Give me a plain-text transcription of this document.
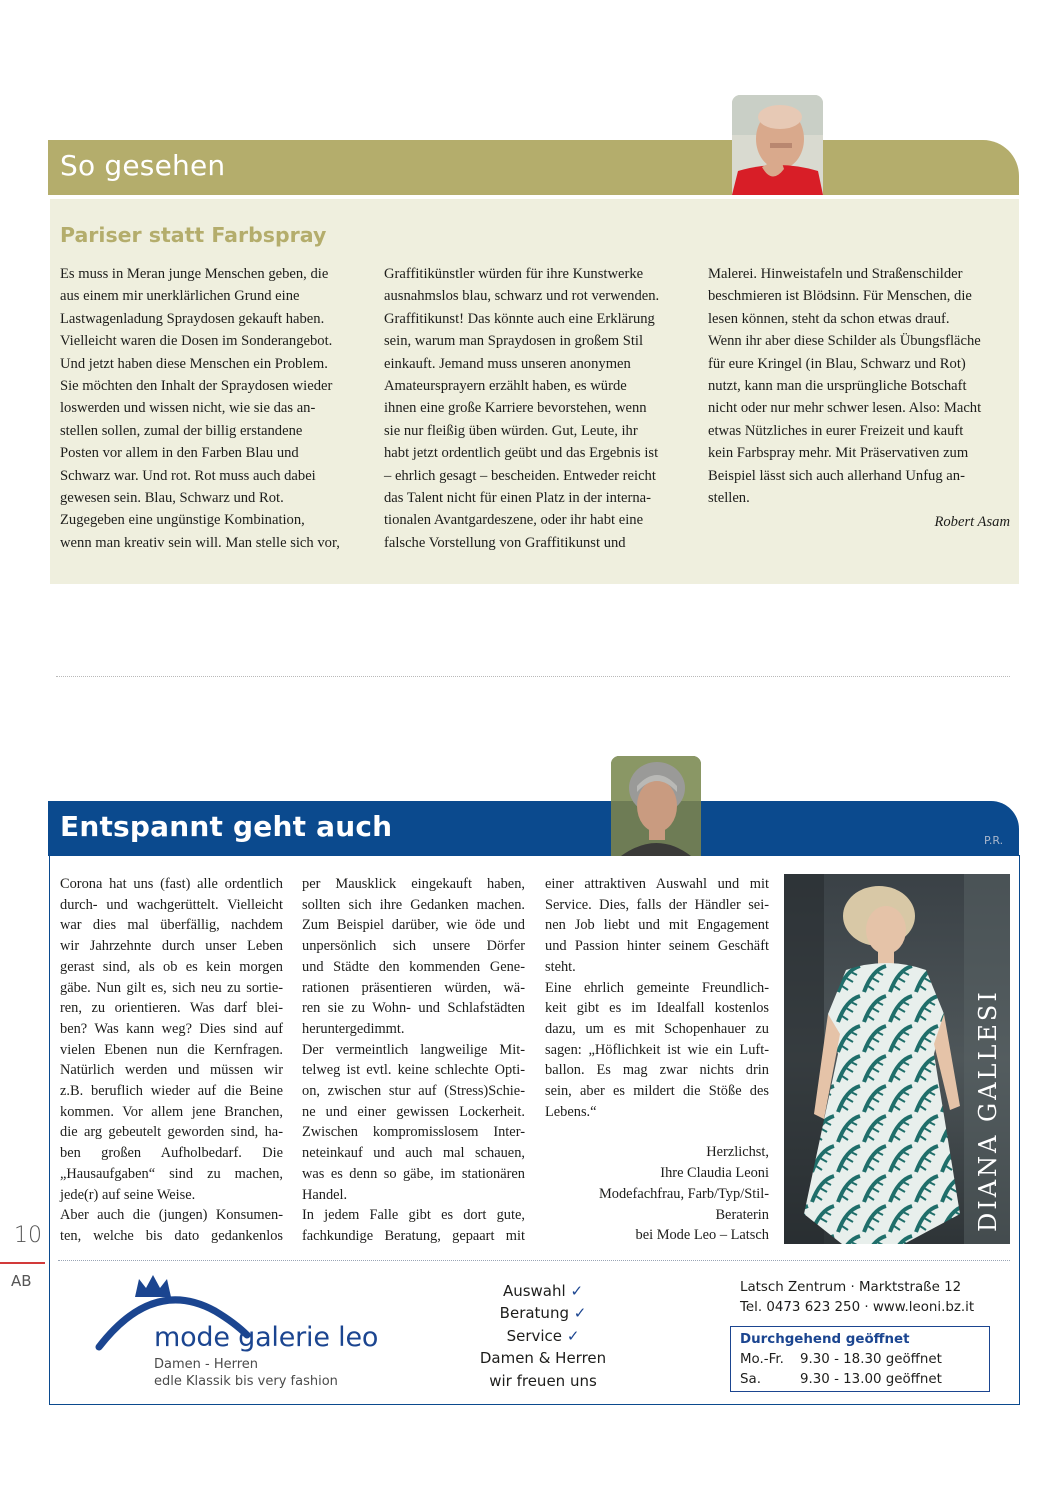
So gesehen
Pariser statt Farbspray

Es muss in Meran junge Menschen geben, die

aus einem mir unerklärlichen Grund eine

Lastwagenladung Spraydosen gekauft haben.

Vielleicht waren die Dosen im Sonderangebot.

Und jetzt haben diese Menschen ein Problem.

Sie möchten den Inhalt der Spraydosen wieder

loswerden und wissen nicht, wie sie das an-

stellen sollen, zumal der billig erstandene

Posten vor allem in den Farben Blau und

Schwarz war. Und rot. Rot muss auch dabei

gewesen sein. Blau, Schwarz und Rot.

Zugegeben eine ungünstige Kombination,

wenn man kreativ sein will. Man stelle sich vor,

Graffitikünstler würden für ihre Kunstwerke

ausnahmslos blau, schwarz und rot verwenden.

Graffitikunst! Das könnte auch eine Erklärung

sein, warum man Spraydosen in großem Stil

einkauft. Jemand muss unseren anonymen

Amateursprayern erzählt haben, es würde

ihnen eine große Karriere bevorstehen, wenn

sie nur fleißig üben würden. Gut, Leute, ihr

habt jetzt ordentlich geübt und das Ergebnis ist

– ehrlich gesagt – bescheiden. Entweder reicht

das Talent nicht für einen Platz in der interna-

tionalen Avantgardeszene, oder ihr habt eine

falsche Vorstellung von Graffitikunst und

Malerei. Hinweistafeln und Straßenschilder

beschmieren ist Blödsinn. Für Menschen, die

lesen können, steht da schon etwas drauf.

Wenn ihr aber diese Schilder als Übungsfläche

für eure Kringel (in Blau, Schwarz und Rot)

nutzt, kann man die ursprüngliche Botschaft

nicht oder nur mehr schwer lesen. Also: Macht

etwas Nützliches in eurer Freizeit und kauft

kein Farbspray mehr. Mit Präservativen zum

Beispiel lässt sich auch allerhand Unfug an-

stellen.

Robert Asam

Entspannt geht auch	P.R.

Corona hat uns (fast) alle ordentlich

durch- und wachgerüttelt. Vielleicht

war dies mal überfällig, nachdem

wir Jahrzehnte durch unser Leben

gerast sind, als ob es kein morgen

gäbe. Nun gilt es, sich neu zu sortie-

ren, zu orientieren. Was darf blei-

ben? Was kann weg? Dies sind auf

vielen Ebenen nun die Kernfragen.

Natürlich werden und müssen wir

z.B. beruflich wieder auf die Beine

kommen. Vor allem jene Branchen,

die arg gebeutelt geworden sind, ha-

ben großen Aufholbedarf. Die

„Hausaufgaben“ sind zu machen,

jede(r) auf seine Weise.

Aber auch die (jungen) Konsumen-

ten, welche bis dato gedankenlos

per Mausklick eingekauft haben,

sollten sich ihre Gedanken machen.

Zum Beispiel darüber, wie öde und

unpersönlich sich unsere Dörfer

und Städte den kommenden Gene-

rationen präsentieren würden, wä-

ren sie zu Wohn- und Schlafstädten

heruntergedimmt.

Der vermeintlich langweilige Mit-

telweg ist evtl. keine schlechte Opti-

on, zwischen stur auf (Stress)Schie-

ne und einer gewissen Lockerheit.

Zwischen kompromisslosem Inter-

neteinkauf und auch mal schauen,

was es denn so gäbe, im stationären

Handel.

In jedem Falle gibt es dort gute,

fachkundige Beratung, gepaart mit

einer attraktiven Auswahl und mit

Service. Dies, falls der Händler sei-

nen Job liebt und mit Engagement

und Passion hinter seinem Geschäft

steht.

Eine ehrlich gemeinte Freundlich-

keit gibt es im Idealfall kostenlos

dazu, um es mit Schopenhauer zu

sagen: „Höflichkeit ist wie ein Luft-

ballon. Es mag zwar nichts drin

sein, aber es mildert die Stöße des

Lebens.“

Herzlichst,

Ihre Claudia Leoni

Modefachfrau, Farb/Typ/Stil-

Beraterin

bei Mode Leo – Latsch

DIANA GALLESI
10
AB
mode galerie leo
Damen - Herren
edle Klassik bis very fashion
Auswahl ✓
Beratung ✓
Service ✓
Damen & Herren
wir freuen uns
Latsch Zentrum · Marktstraße 12
Tel. 0473 623 250 · www.leoni.bz.it
Durchgehend geöffnet
Mo.-Fr.	9.30 - 18.30 geöffnet
Sa.	9.30 - 13.00 geöffnet
